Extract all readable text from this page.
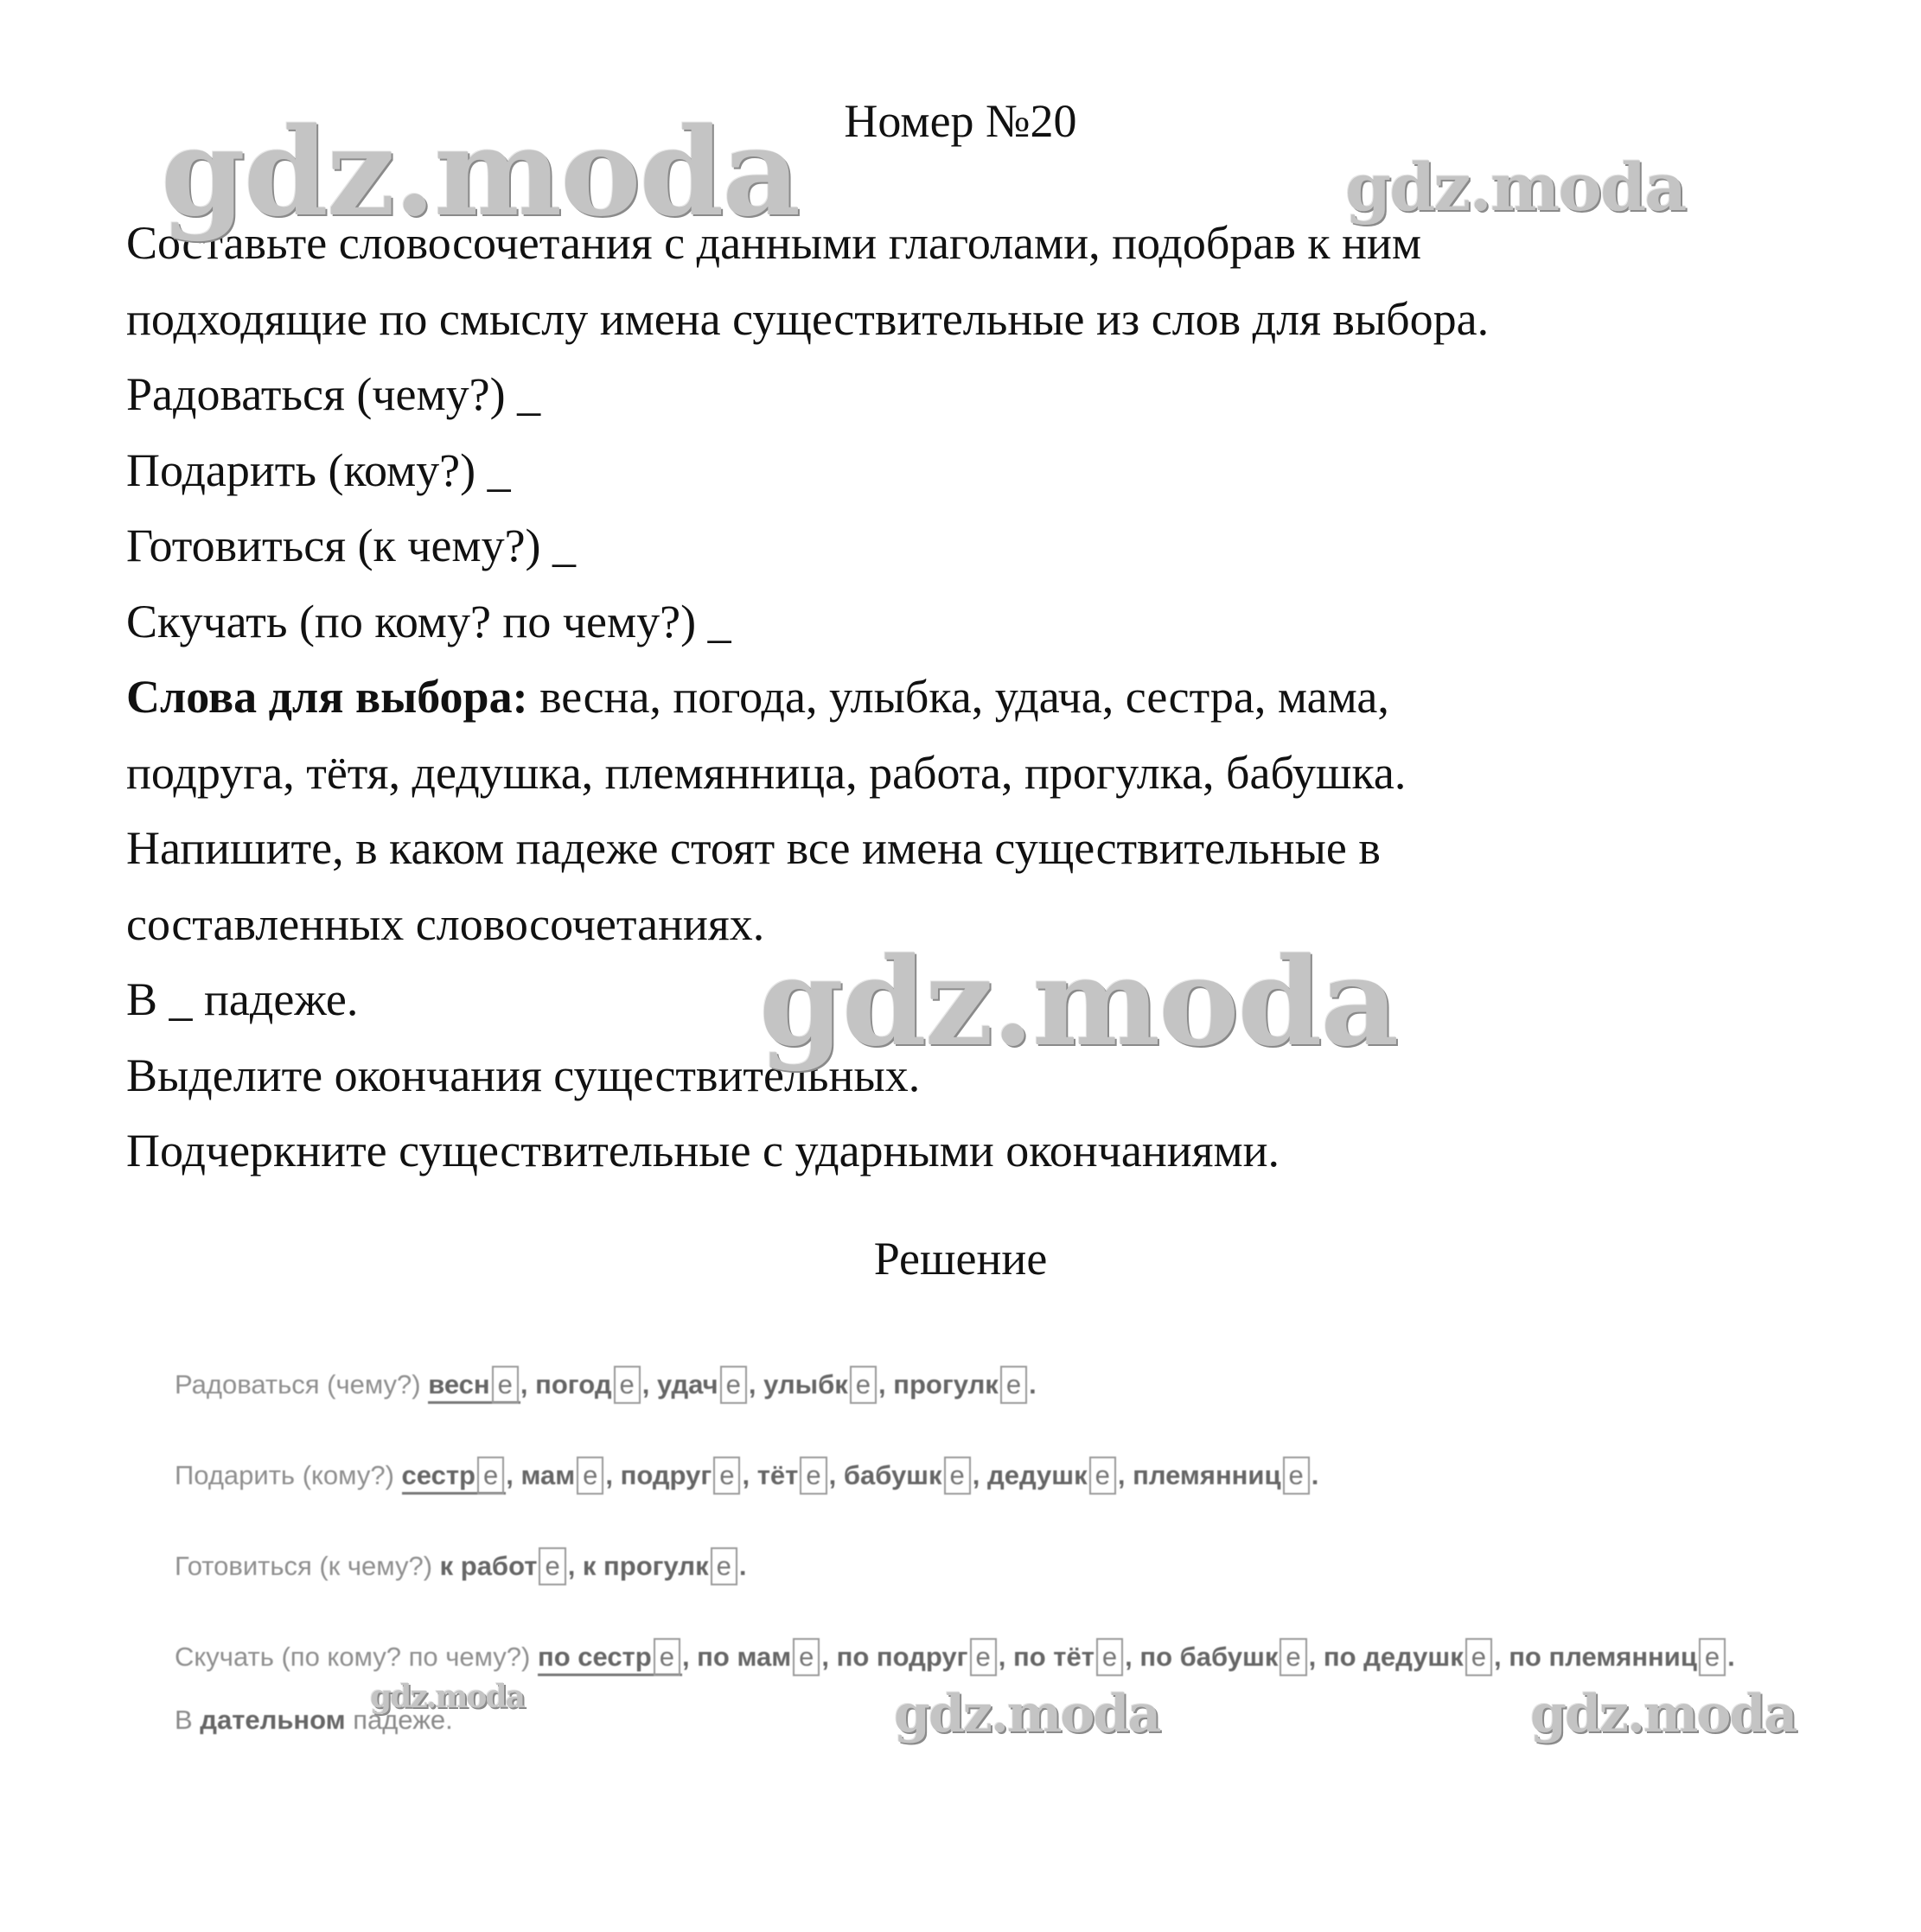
Номер №20

Составьте словосочетания с данными глаголами, подобрав к ним

подходящие по смыслу имена существительные из слов для выбора.

Радоваться (чему?) _

Подарить (кому?) _

Готовиться (к чему?) _

Скучать (по кому? по чему?) _

Слова для выбора: весна, погода, улыбка, удача, сестра, мама,

подруга, тётя, дедушка, племянница, работа, прогулка, бабушка.

Напишите, в каком падеже стоят все имена существительные в

составленных словосочетаниях.

В _ падеже.

Выделите окончания существительных.

Подчеркните существительные с ударными окончаниями.

Решение
Радоваться (чему?) весн е , погод е , удач е , улыбк е , прогулк е .
Подарить (кому?) сестр е , мам е , подруг е , тёт е , бабушк е , дедушк е , племянниц е .
Готовиться (к чему?) к работ е , к прогулк е .
Скучать (по кому? по чему?) по сестр е , по мам е , по подруг е , по тёт е , по бабушк е , по дедушк е , по племянниц е .
В дательном падеже.
gdz.moda	gdz.moda
gdz.moda
gdz.moda	gdz.moda	gdz.moda
